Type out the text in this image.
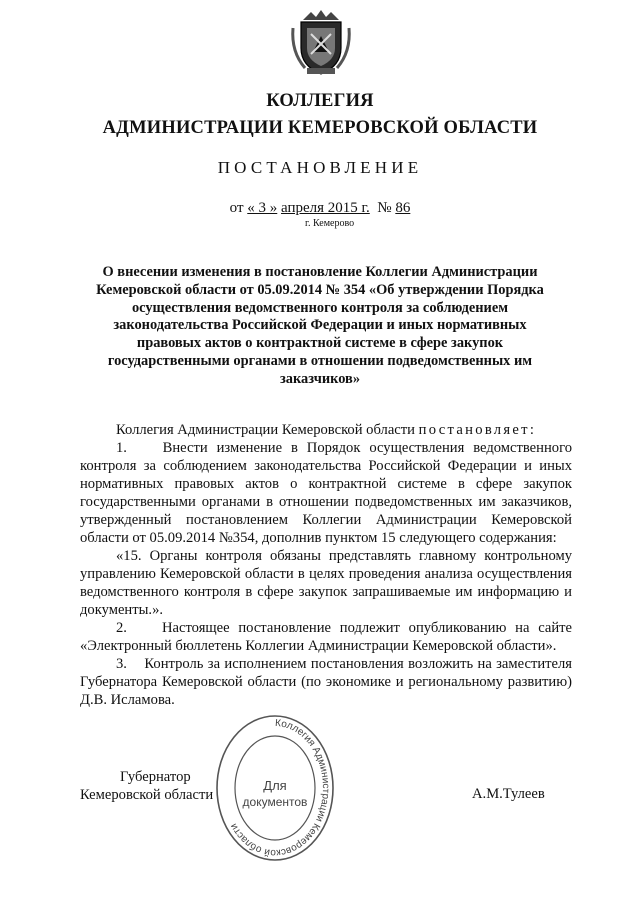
КОЛЛЕГИЯ
АДМИНИСТРАЦИИ КЕМЕРОВСКОЙ ОБЛАСТИ
ПОСТАНОВЛЕНИЕ
от « 3 » апреля 2015 г. № 86
г. Кемерово
О внесении изменения в постановление Коллегии Администрации Кемеровской области от 05.09.2014 № 354 «Об утверждении Порядка осуществления ведомственного контроля за соблюдением законодательства Российской Федерации и иных нормативных правовых актов о контрактной системе в сфере закупок государственными органами в отношении подведомственных им заказчиков»

Коллегия Администрации Кемеровской области постановляет:

1.    Внести изменение в Порядок осуществления ведомственного контроля за соблюдением законодательства Российской Федерации и иных нормативных правовых актов о контрактной системе в сфере закупок государственными органами в отношении подведомственных им заказчиков, утвержденный постановлением Коллегии Администрации Кемеровской области от 05.09.2014 №354, дополнив пунктом 15 следующего содержания:

«15. Органы контроля обязаны представлять главному контрольному управлению Кемеровской области в целях проведения анализа осуществления ведомственного контроля в сфере закупок запрашиваемые им информацию и документы.».

2.    Настоящее постановление подлежит опубликованию на сайте «Электронный бюллетень Коллегии Администрации Кемеровской области».

3.    Контроль за исполнением постановления возложить на заместителя Губернатора Кемеровской области (по экономике и региональному развитию) Д.В. Исламова.

Губернатор
Кемеровской области	А.М.Тулеев
Коллегия Администрации Кемеровской области
Для
документов
